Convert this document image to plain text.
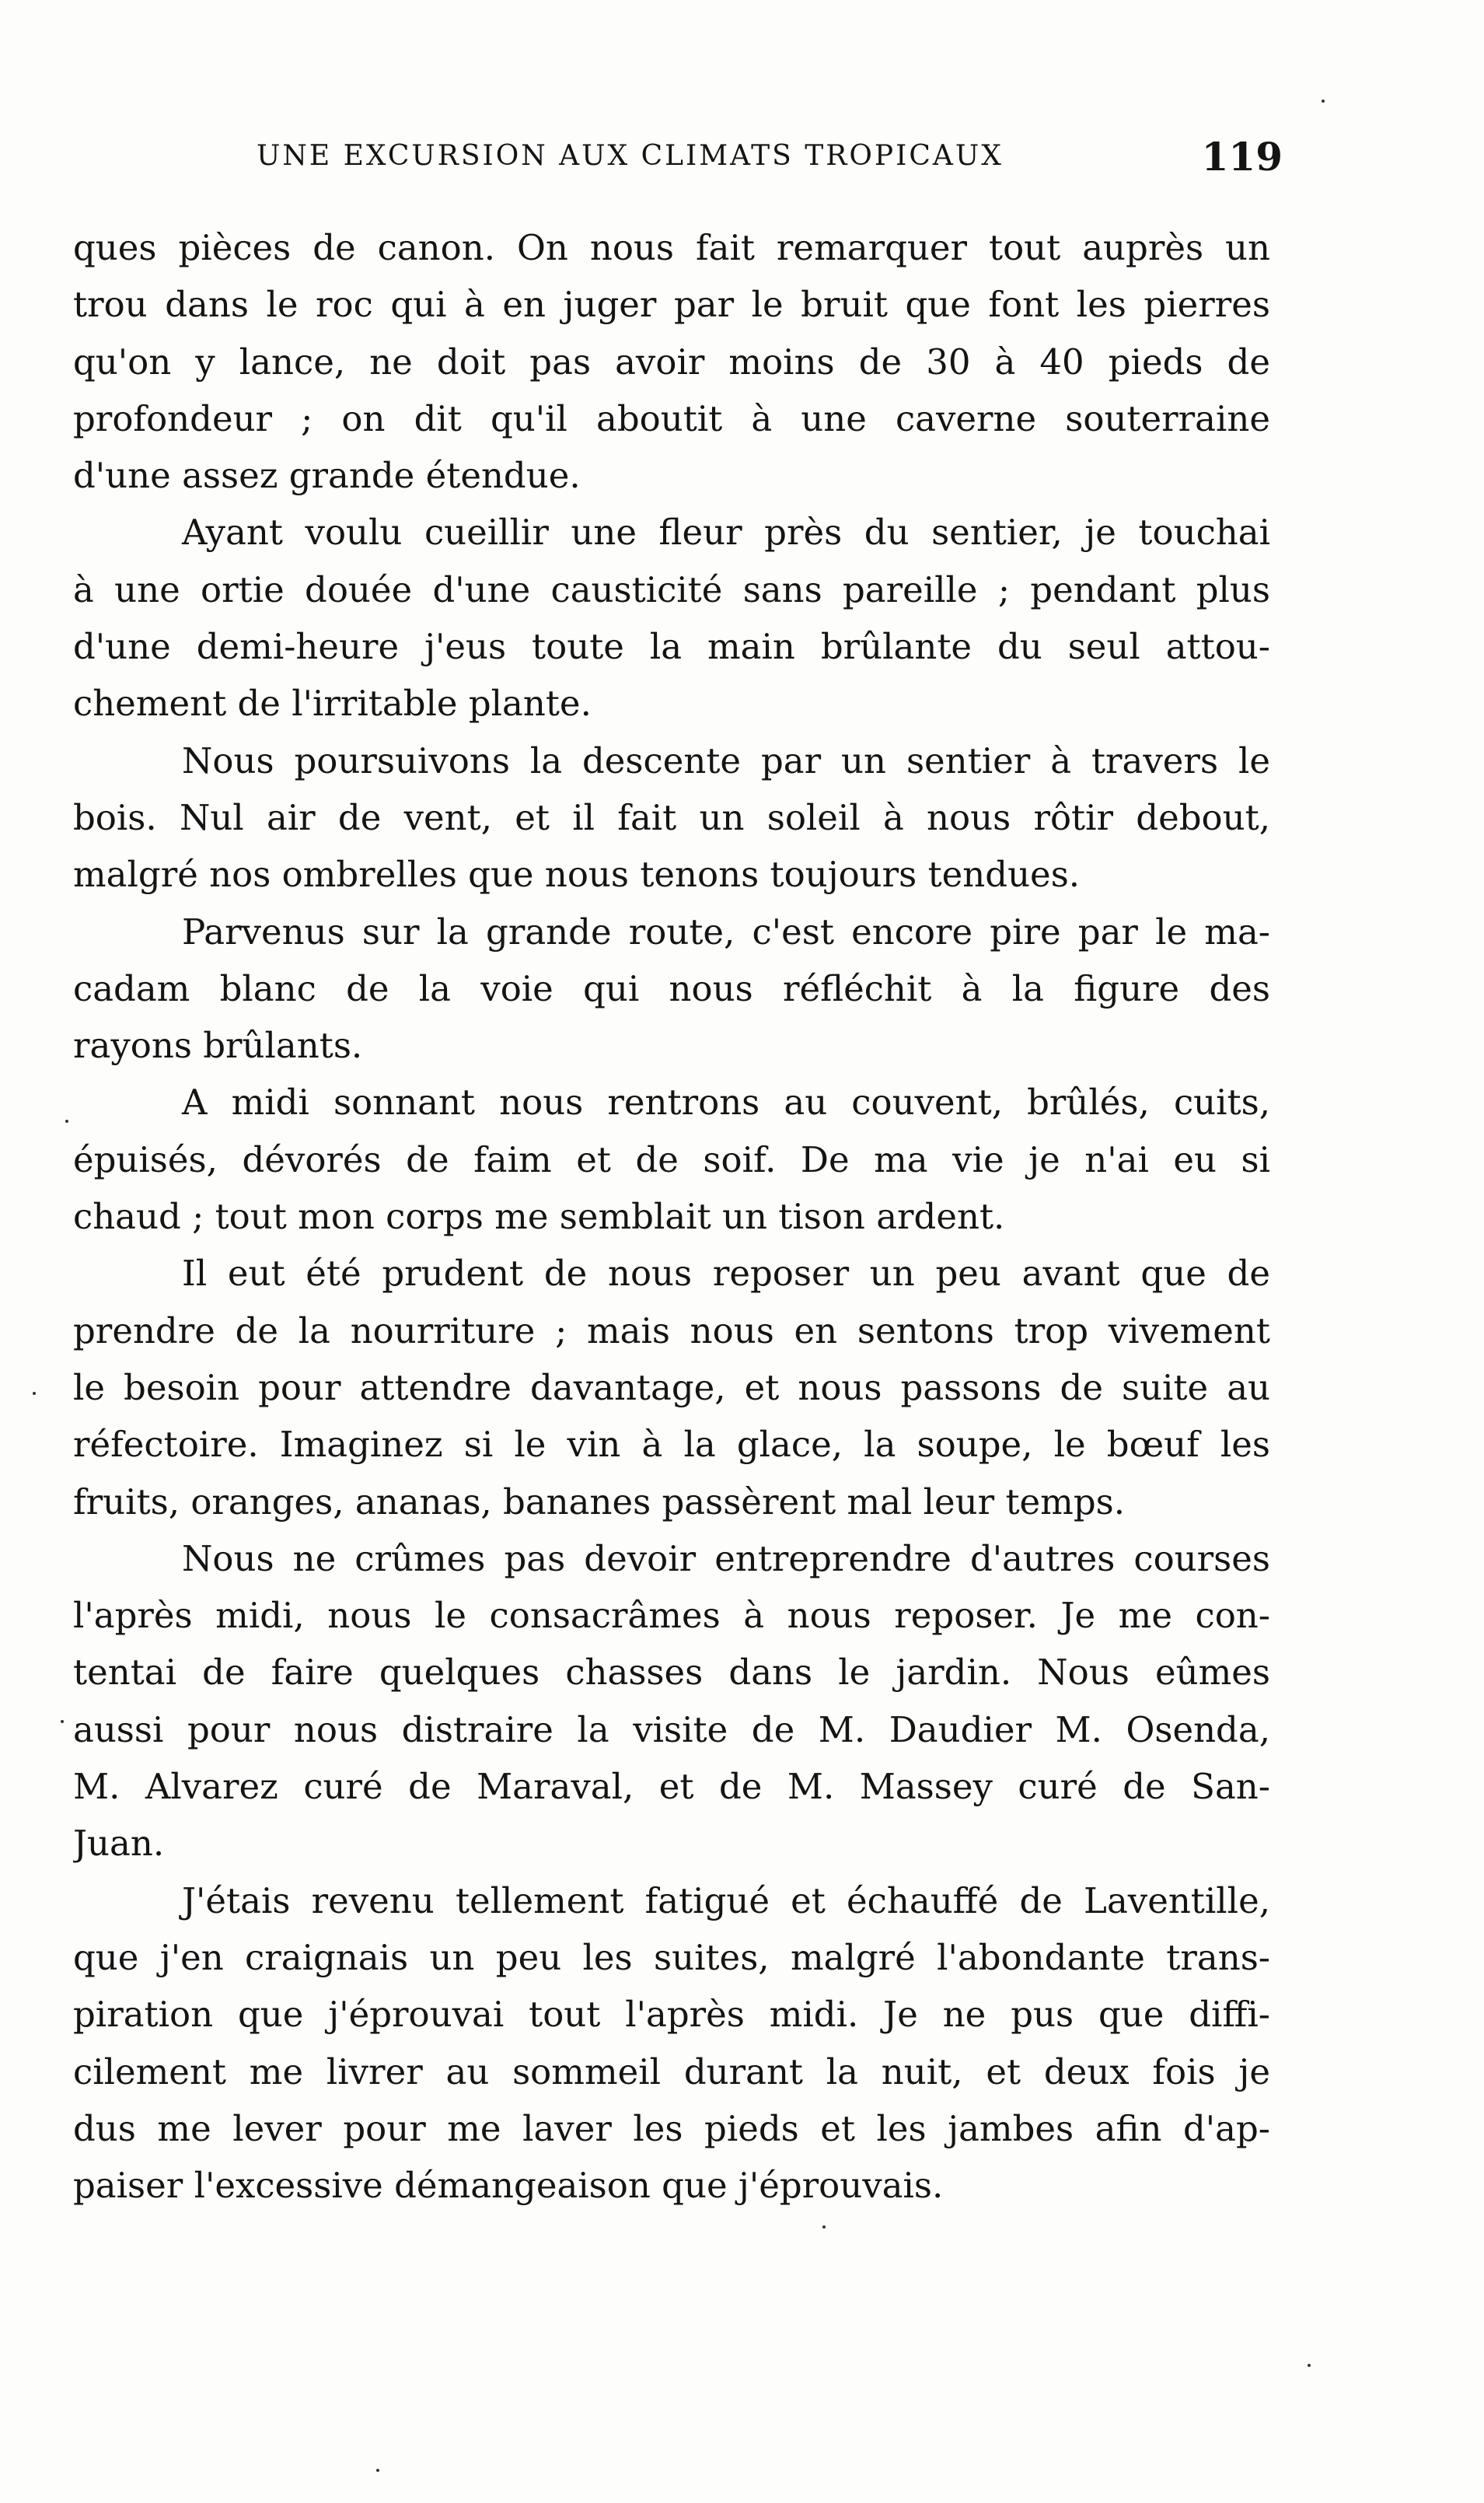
UNE EXCURSION AUX CLIMATS TROPICAUX	119
ques pièces de canon. On nous fait remarquer tout auprès un
trou dans le roc qui à en juger par le bruit que font les pierres
qu'on y lance, ne doit pas avoir moins de 30 à 40 pieds de
profondeur ; on dit qu'il aboutit à une caverne souterraine
d'une assez grande étendue.
Ayant voulu cueillir une fleur près du sentier, je touchai
à une ortie douée d'une causticité sans pareille ; pendant plus
d'une demi-heure j'eus toute la main brûlante du seul attou-
chement de l'irritable plante.
Nous poursuivons la descente par un sentier à travers le
bois. Nul air de vent, et il fait un soleil à nous rôtir debout,
malgré nos ombrelles que nous tenons toujours tendues.
Parvenus sur la grande route, c'est encore pire par le ma-
cadam blanc de la voie qui nous réfléchit à la figure des
rayons brûlants.
A midi sonnant nous rentrons au couvent, brûlés, cuits,
épuisés, dévorés de faim et de soif. De ma vie je n'ai eu si
chaud ; tout mon corps me semblait un tison ardent.
Il eut été prudent de nous reposer un peu avant que de
prendre de la nourriture ; mais nous en sentons trop vivement
le besoin pour attendre davantage, et nous passons de suite au
réfectoire. Imaginez si le vin à la glace, la soupe, le bœuf les
fruits, oranges, ananas, bananes passèrent mal leur temps.
Nous ne crûmes pas devoir entreprendre d'autres courses
l'après midi, nous le consacrâmes à nous reposer. Je me con-
tentai de faire quelques chasses dans le jardin. Nous eûmes
aussi pour nous distraire la visite de M. Daudier M. Osenda,
M. Alvarez curé de Maraval, et de M. Massey curé de San-
Juan.
J'étais revenu tellement fatigué et échauffé de Laventille,
que j'en craignais un peu les suites, malgré l'abondante trans-
piration que j'éprouvai tout l'après midi. Je ne pus que diffi-
cilement me livrer au sommeil durant la nuit, et deux fois je
dus me lever pour me laver les pieds et les jambes afin d'ap-
paiser l'excessive démangeaison que j'éprouvais.
